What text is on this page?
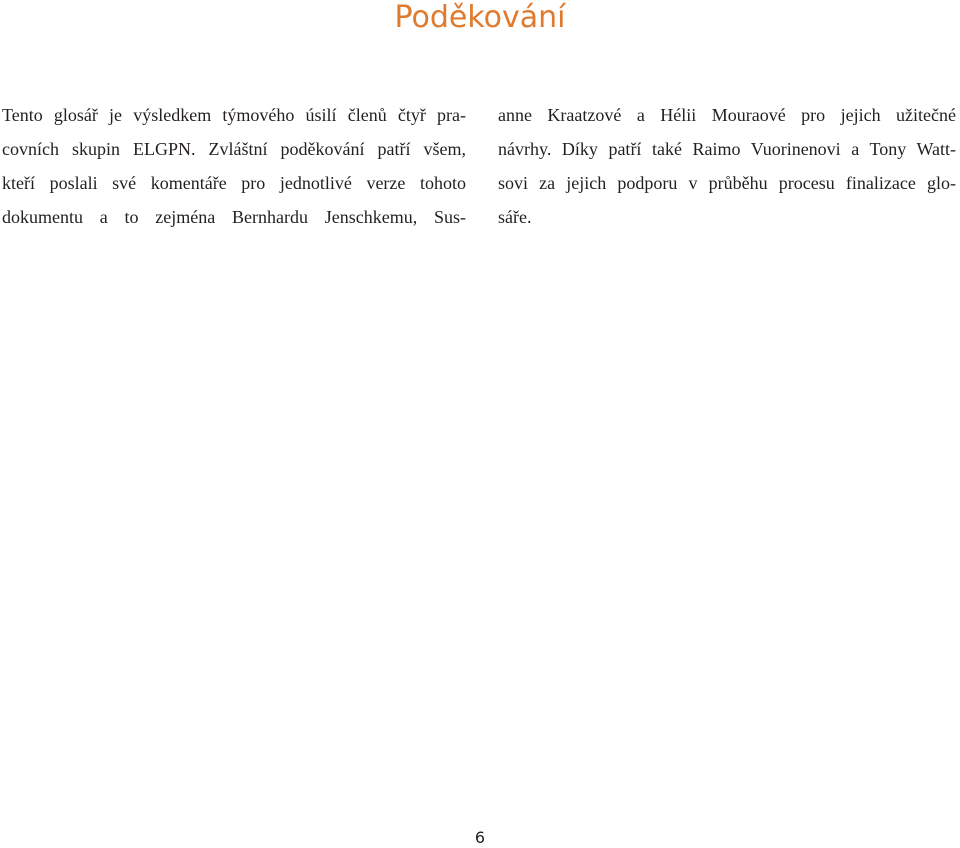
Poděkování
Tento glosář je výsledkem týmového úsilí členů čtyř pra-
covních skupin ELGPN. Zvláštní poděkování patří všem,
kteří poslali své komentáře pro jednotlivé verze tohoto
dokumentu a to zejména Bernhardu Jenschkemu, Sus-
anne Kraatzové a Hélii Mouraové pro jejich užitečné
návrhy. Díky patří také Raimo Vuorinenovi a Tony Watt-
sovi za jejich podporu v průběhu procesu finalizace glo-
sáře.
6
